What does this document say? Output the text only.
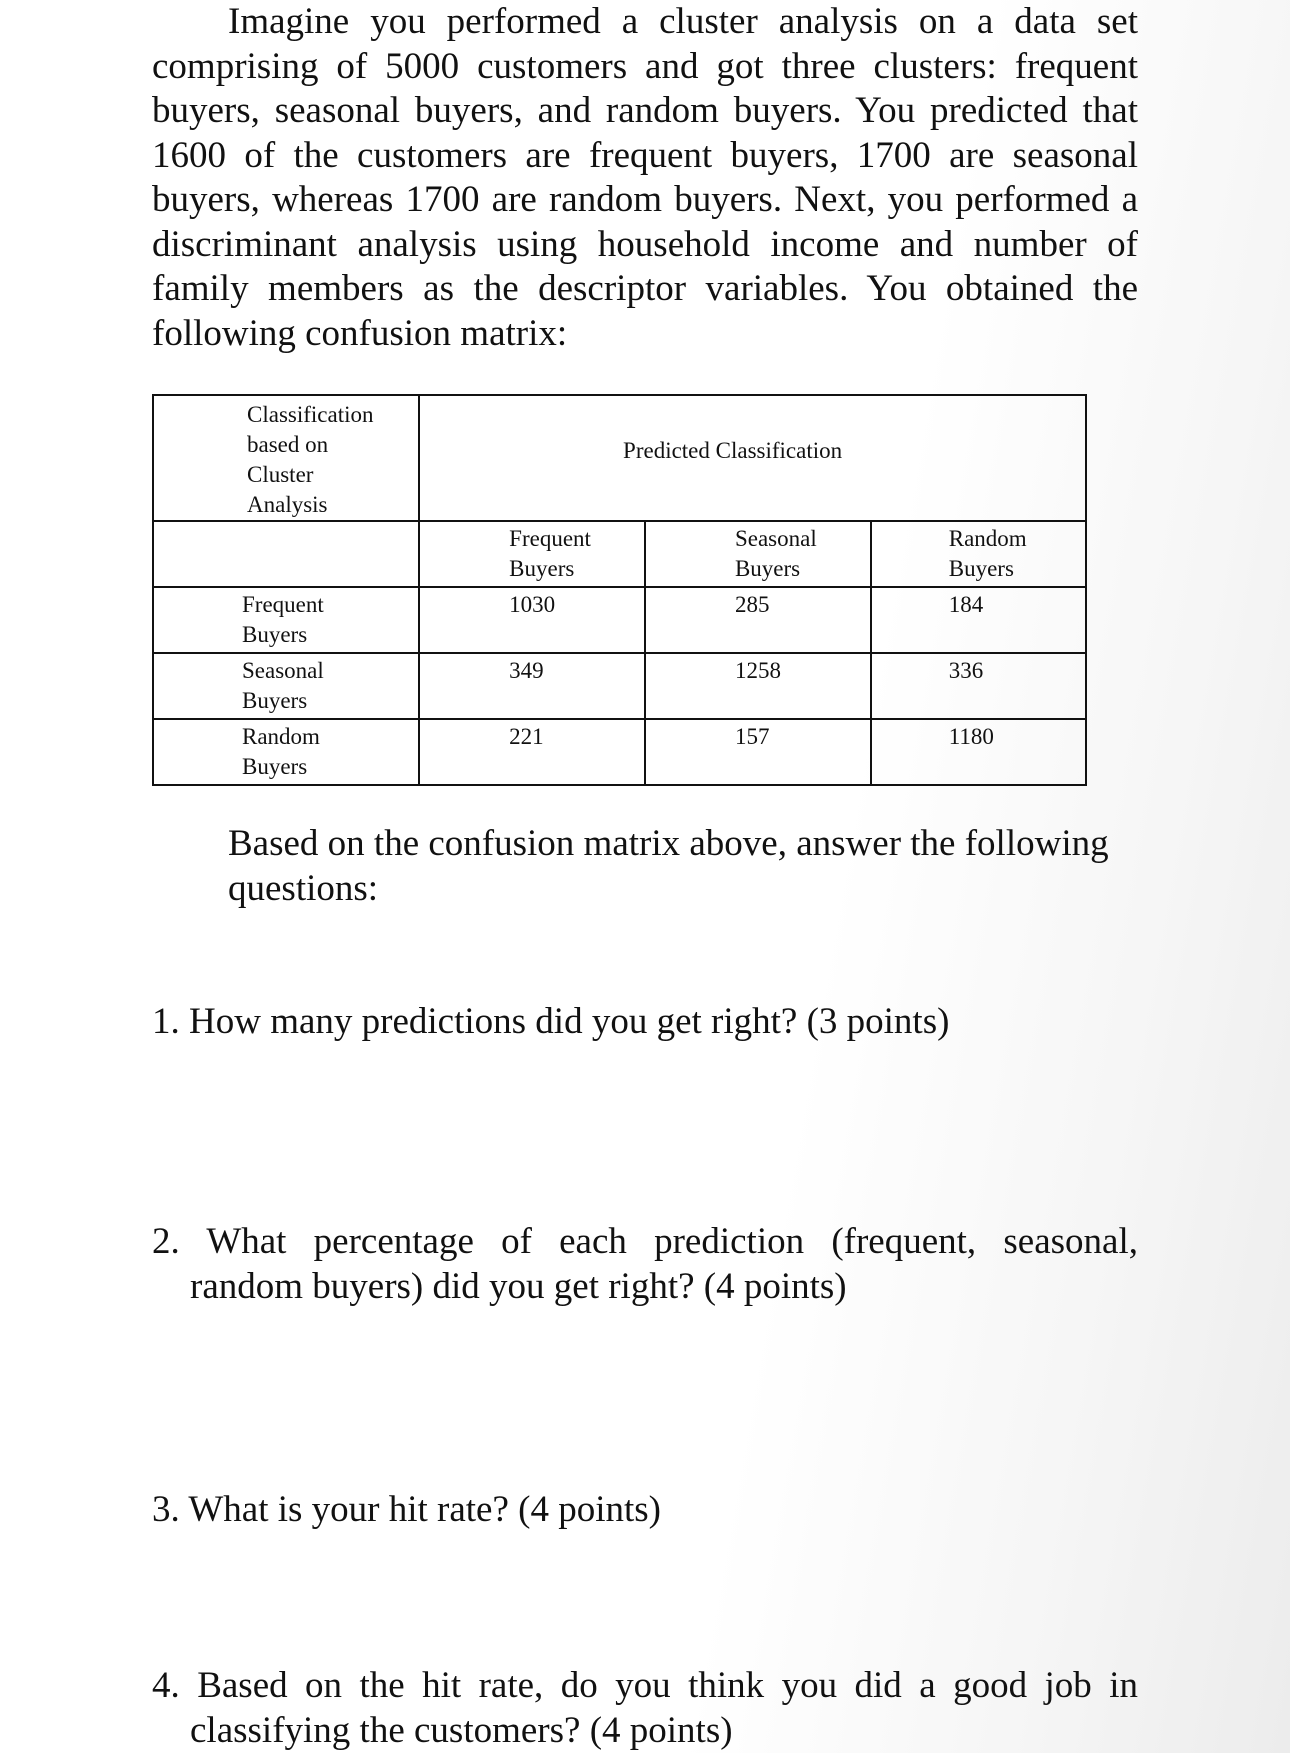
Imagine you performed a cluster analysis on a data set comprising of 5000 customers and got three clusters: frequent buyers, seasonal buyers, and random buyers. You predicted that 1600 of the customers are frequent buyers, 1700 are seasonal buyers, whereas 1700 are random buyers. Next, you performed a discriminant analysis using household income and number of family members as the descriptor variables. You obtained the following confusion matrix:

Classification based on Cluster Analysis	Predicted Classification		

	Frequent Buyers	Seasonal Buyers	Random Buyers

Frequent Buyers	1030	285	184

Seasonal Buyers	349	1258	336

Random Buyers	221	157	1180

Based on the confusion matrix above, answer the following questions:

1. How many predictions did you get right? (3 points)
2. What percentage of each prediction (frequent, seasonal,
random buyers) did you get right? (4 points)
3. What is your hit rate? (4 points)
4. Based on the hit rate, do you think you did a good job in
classifying the customers? (4 points)
